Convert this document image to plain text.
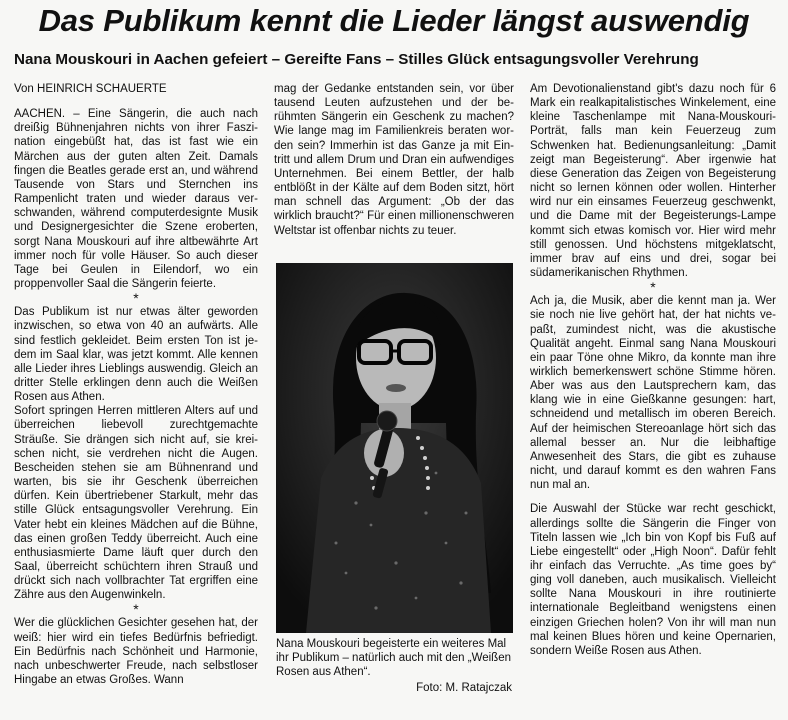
Das Publikum kennt die Lieder längst auswendig
Nana Mouskouri in Aachen gefeiert – Gereifte Fans – Stilles Glück entsagungsvoller Verehrung

Von HEINRICH SCHAUERTE

AACHEN. – Eine Sängerin, die auch nach dreißig Bühnenjahren nichts von ihrer Faszination eingebüßt hat, das ist fast wie ein Märchen aus der guten alten Zeit. Damals fingen die Beatles gerade erst an, und während Tausende von Stars und Sternchen ins Rampenlicht traten und wieder daraus verschwanden, während computerdesignte Musik und Designergesichter die Szene eroberten, sorgt Nana Mouskouri auf ihre altbewährte Art immer noch für volle Häuser. So auch dieser Tage bei Geulen in Eilendorf, wo ein proppenvoller Saal die Sängerin feierte.

*

Das Publikum ist nur etwas älter geworden inzwischen, so etwa von 40 an aufwärts. Alle sind festlich gekleidet. Beim ersten Ton ist jedem im Saal klar, was jetzt kommt. Alle kennen alle Lieder ihres Lieblings auswendig. Gleich an dritter Stelle erklingen denn auch die Weißen Rosen aus Athen.

Sofort springen Herren mittleren Alters auf und überreichen liebevoll zurechtgemachte Sträuße. Sie drängen sich nicht auf, sie kreischen nicht, sie verdrehen nicht die Augen. Bescheiden stehen sie am Bühnenrand und warten, bis sie ihr Geschenk überreichen dürfen. Kein übertriebener Starkult, mehr das stille Glück entsagungsvoller Verehrung. Ein Vater hebt ein kleines Mädchen auf die Bühne, das einen großen Teddy überreicht. Auch eine enthusiasmierte Dame läuft quer durch den Saal, überreicht schüchtern ihren Strauß und drückt sich nach vollbrachter Tat ergriffen eine Zähre aus den Augenwinkeln.

*

Wer die glücklichen Gesichter gesehen hat, der weiß: hier wird ein tiefes Bedürfnis befriedigt. Ein Bedürfnis nach Schönheit und Harmonie, nach unbeschwerter Freude, nach selbstloser Hingabe an etwas Großes. Wann

mag der Gedanke entstanden sein, vor über tausend Leuten aufzustehen und der berühmten Sängerin ein Geschenk zu machen? Wie lange mag im Familienkreis beraten worden sein? Immerhin ist das Ganze ja mit Eintritt und allem Drum und Dran ein aufwendiges Unternehmen. Bei einem Bettler, der halb entblößt in der Kälte auf dem Boden sitzt, hört man schnell das Argument: „Ob der das wirklich braucht?“ Für einen millionenschweren Weltstar ist offenbar nichts zu teuer.

Nana Mouskouri begeisterte ein weiteres Mal ihr Publikum – natürlich auch mit den „Weißen Rosen aus Athen“.

Foto: M. Ratajczak

Am Devotionalienstand gibt's dazu noch für 6 Mark ein realkapitalistisches Winkelement, eine kleine Taschenlampe mit Nana-Mouskouri-Porträt, falls man kein Feuerzeug zum Schwenken hat. Bedienungsanleitung: „Damit zeigt man Begeisterung“. Aber irgenwie hat diese Generation das Zeigen von Begeisterung nicht so lernen können oder wollen. Hinterher wird nur ein einsames Feuerzeug geschwenkt, und die Dame mit der Begeisterungs-Lampe kommt sich etwas komisch vor. Hier wird mehr still genossen. Und höchstens mitgeklatscht, immer brav auf eins und drei, sogar bei südamerikanischen Rhythmen.

*

Ach ja, die Musik, aber die kennt man ja. Wer sie noch nie live gehört hat, der hat nichts vepaßt, zumindest nicht, was die akustische Qualität angeht. Einmal sang Nana Mouskouri ein paar Töne ohne Mikro, da konnte man ihre wirklich bemerkenswert schöne Stimme hören. Aber was aus den Lautsprechern kam, das klang wie in eine Gießkanne gesungen: hart, schneidend und metallisch im oberen Bereich. Auf der heimischen Stereoanlage hört sich das allemal besser an. Nur die leibhaftige Anwesenheit des Stars, die gibt es zuhause nicht, und darauf kommt es den wahren Fans nun mal an.

Die Auswahl der Stücke war recht geschickt, allerdings sollte die Sängerin die Finger von Titeln lassen wie „Ich bin von Kopf bis Fuß auf Liebe eingestellt“ oder „High Noon“. Dafür fehlt ihr einfach das Verruchte. „As time goes by“ ging voll daneben, auch musikalisch. Vielleicht sollte Nana Mouskouri in ihre routinierte internationale Begleitband wenigstens einen einzigen Griechen holen? Von ihr will man nun mal keinen Blues hören und keine Opernarien, sondern Weiße Rosen aus Athen.
